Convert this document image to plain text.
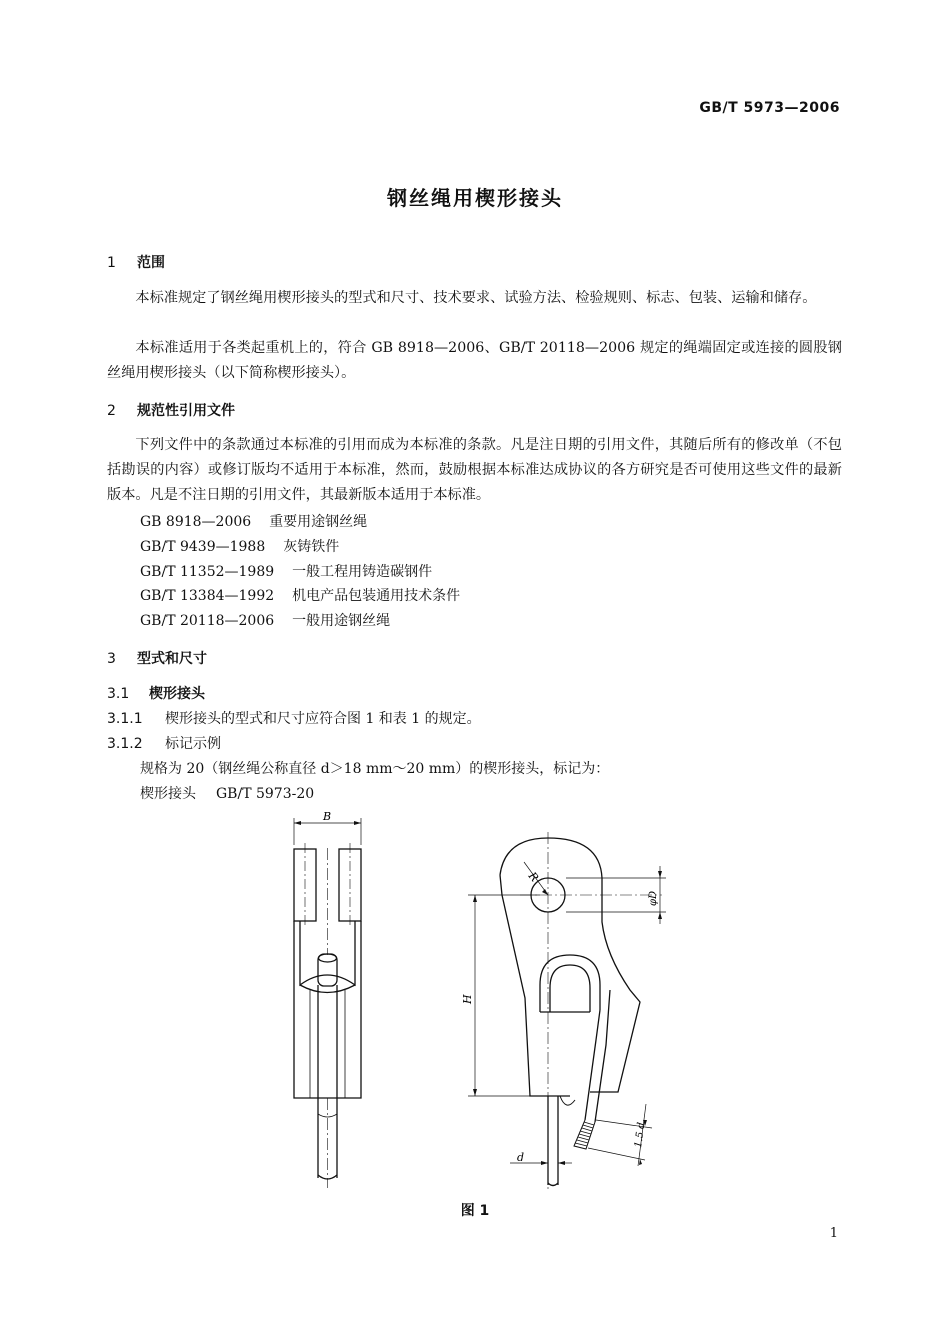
GB/T 5973—2006
钢丝绳用楔形接头
1 范围
本标准规定了钢丝绳用楔形接头的型式和尺寸、技术要求、试验方法、检验规则、标志、包装、运输和储存。
本标准适用于各类起重机上的，符合 GB 8918—2006、GB/T 20118—2006 规定的绳端固定或连接的圆股钢丝绳用楔形接头（以下简称楔形接头）。
2 规范性引用文件
下列文件中的条款通过本标准的引用而成为本标准的条款。凡是注日期的引用文件，其随后所有的修改单（不包括勘误的内容）或修订版均不适用于本标准，然而，鼓励根据本标准达成协议的各方研究是否可使用这些文件的最新版本。凡是不注日期的引用文件，其最新版本适用于本标准。
GB 8918—2006 重要用途钢丝绳
GB/T 9439—1988 灰铸铁件
GB/T 11352—1989 一般工程用铸造碳钢件
GB/T 13384—1992 机电产品包装通用技术条件
GB/T 20118—2006 一般用途钢丝绳
3 型式和尺寸
3.1 楔形接头
3.1.1 楔形接头的型式和尺寸应符合图 1 和表 1 的规定。
3.1.2 标记示例
规格为 20（钢丝绳公称直径 d＞18 mm～20 mm）的楔形接头，标记为：
楔形接头 GB/T 5973-20
B
R
φD
H
d
1.5 d
图 1
1
